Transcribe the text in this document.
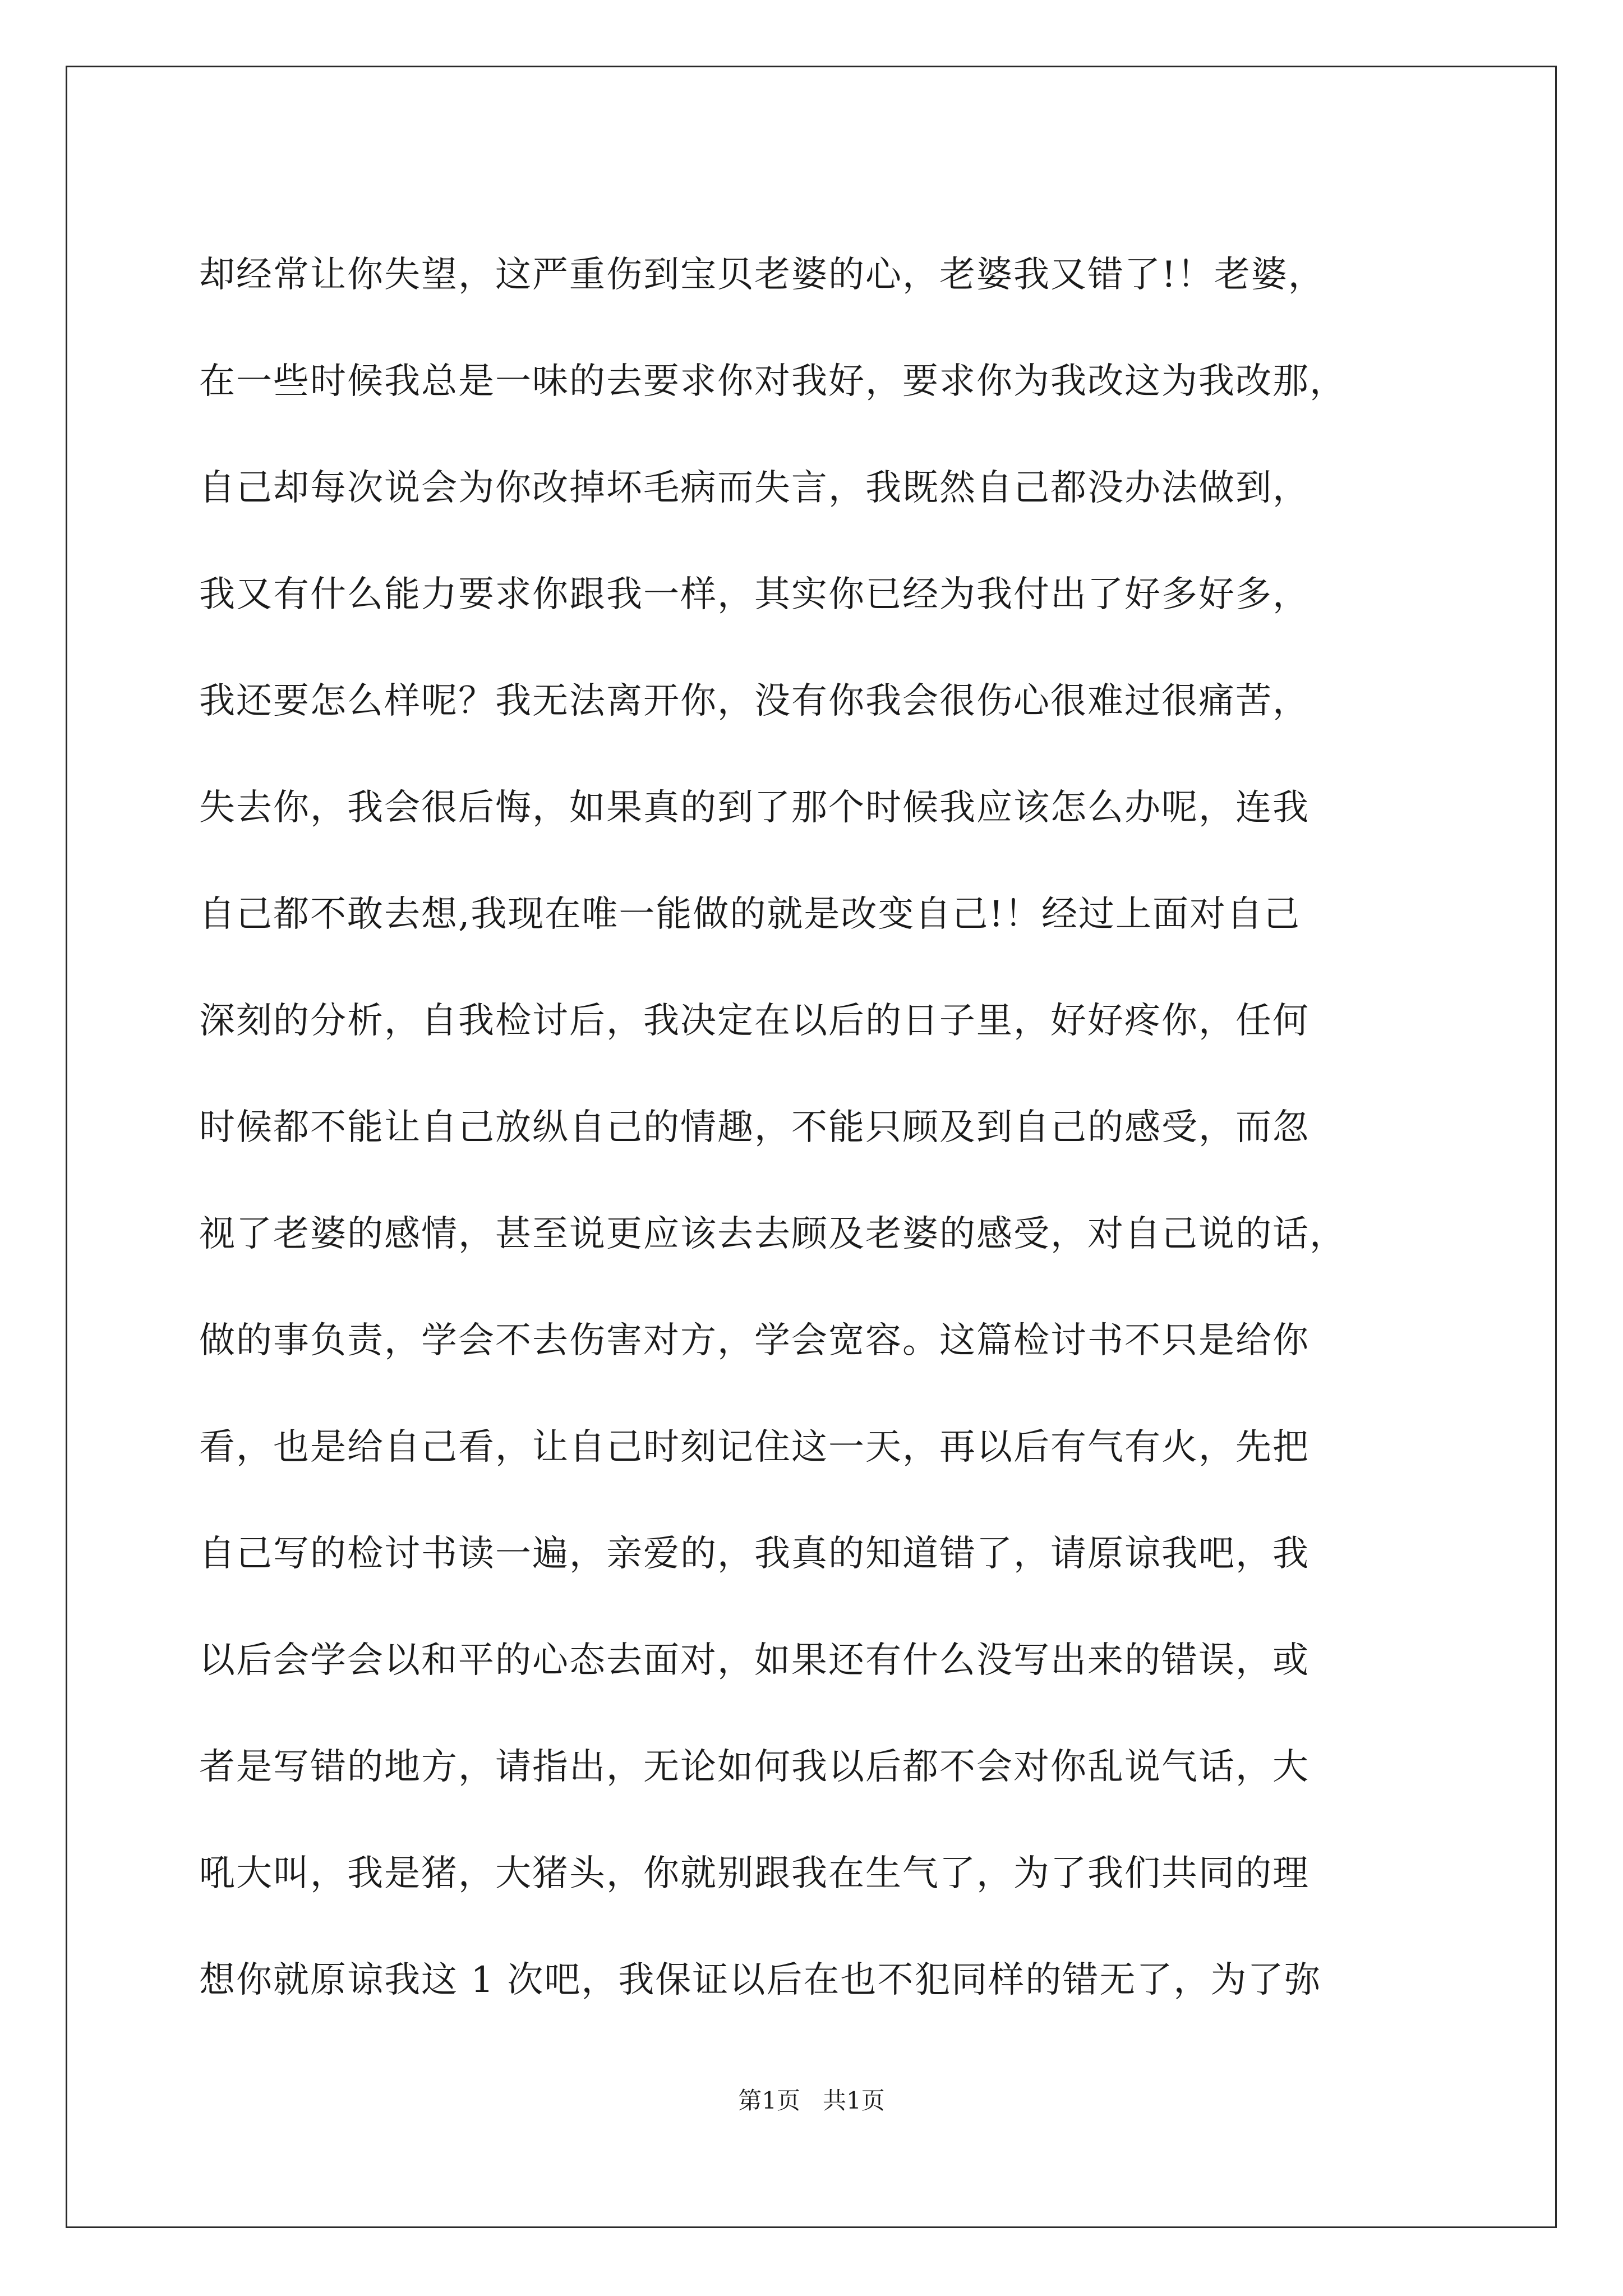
却经常让你失望，这严重伤到宝贝老婆的心，老婆我又错了!！老婆，
在一些时候我总是一味的去要求你对我好，要求你为我改这为我改那，
自己却每次说会为你改掉坏毛病而失言，我既然自己都没办法做到，
我又有什么能力要求你跟我一样，其实你已经为我付出了好多好多，
我还要怎么样呢？我无法离开你，没有你我会很伤心很难过很痛苦，
失去你，我会很后悔，如果真的到了那个时候我应该怎么办呢，连我
自己都不敢去想,我现在唯一能做的就是改变自己!！经过上面对自己
深刻的分析，自我检讨后，我决定在以后的日子里，好好疼你，任何
时候都不能让自己放纵自己的情趣，不能只顾及到自己的感受，而忽
视了老婆的感情，甚至说更应该去去顾及老婆的感受，对自己说的话，
做的事负责，学会不去伤害对方，学会宽容。这篇检讨书不只是给你
看，也是给自己看，让自己时刻记住这一天，再以后有气有火，先把
自己写的检讨书读一遍，亲爱的，我真的知道错了，请原谅我吧，我
以后会学会以和平的心态去面对，如果还有什么没写出来的错误，或
者是写错的地方，请指出，无论如何我以后都不会对你乱说气话，大
吼大叫，我是猪，大猪头，你就别跟我在生气了，为了我们共同的理
想你就原谅我这 1 次吧，我保证以后在也不犯同样的错无了，为了弥
第1页   共1页
